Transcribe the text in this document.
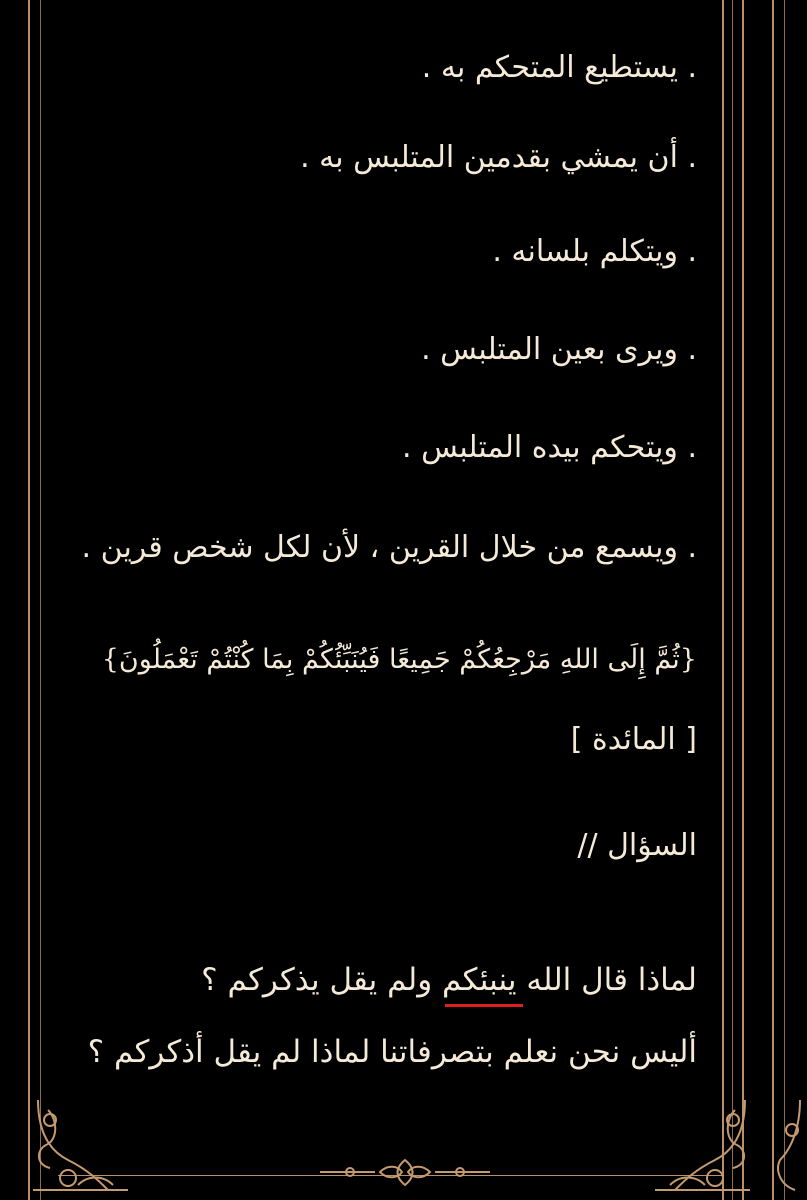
. يستطيع المتحكم به .
. أن يمشي بقدمين المتلبس به .
. ويتكلم بلسانه .
. ويرى بعين المتلبس .
. ويتحكم بيده المتلبس .
. ويسمع من خلال القرين ، لأن لكل شخص قرين .
{ثُمَّ إِلَى اللهِ مَرْجِعُكُمْ جَمِيعًا فَيُنَبِّئُكُمْ بِمَا كُنْتُمْ تَعْمَلُونَ}
[ المائدة ]
السؤال //
لماذا قال الله ينبئكم ولم يقل يذكركم ؟
أليس نحن نعلم بتصرفاتنا لماذا لم يقل أذكركم ؟
